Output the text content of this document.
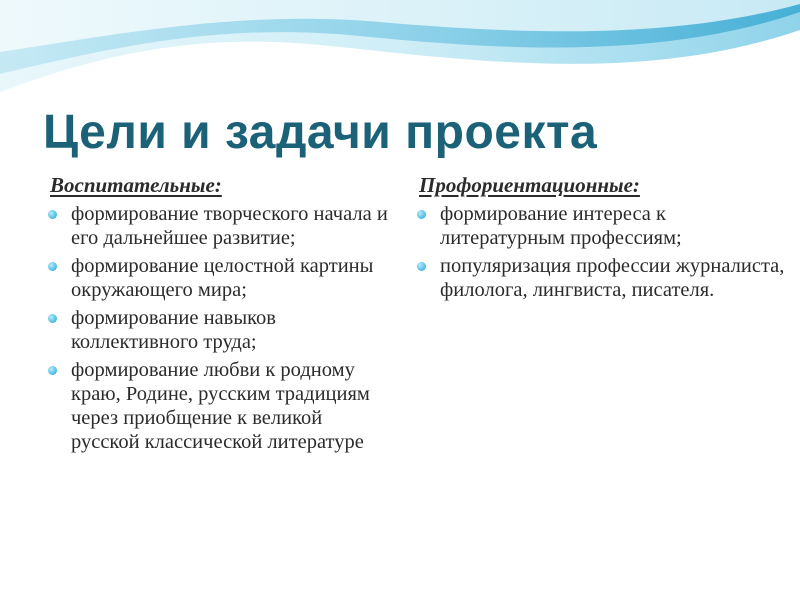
Цели и задачи проекта

Воспитательные:

формирование творческого начала и его дальнейшее развитие;
формирование целостной картины окружающего мира;
формирование навыков коллективного труда;
формирование любви к родному краю, Родине, русским традициям через приобщение к великой русской классической литературе

Профориентационные:

формирование интереса к литературным профессиям;
популяризация профессии журналиста, филолога, лингвиста, писателя.
